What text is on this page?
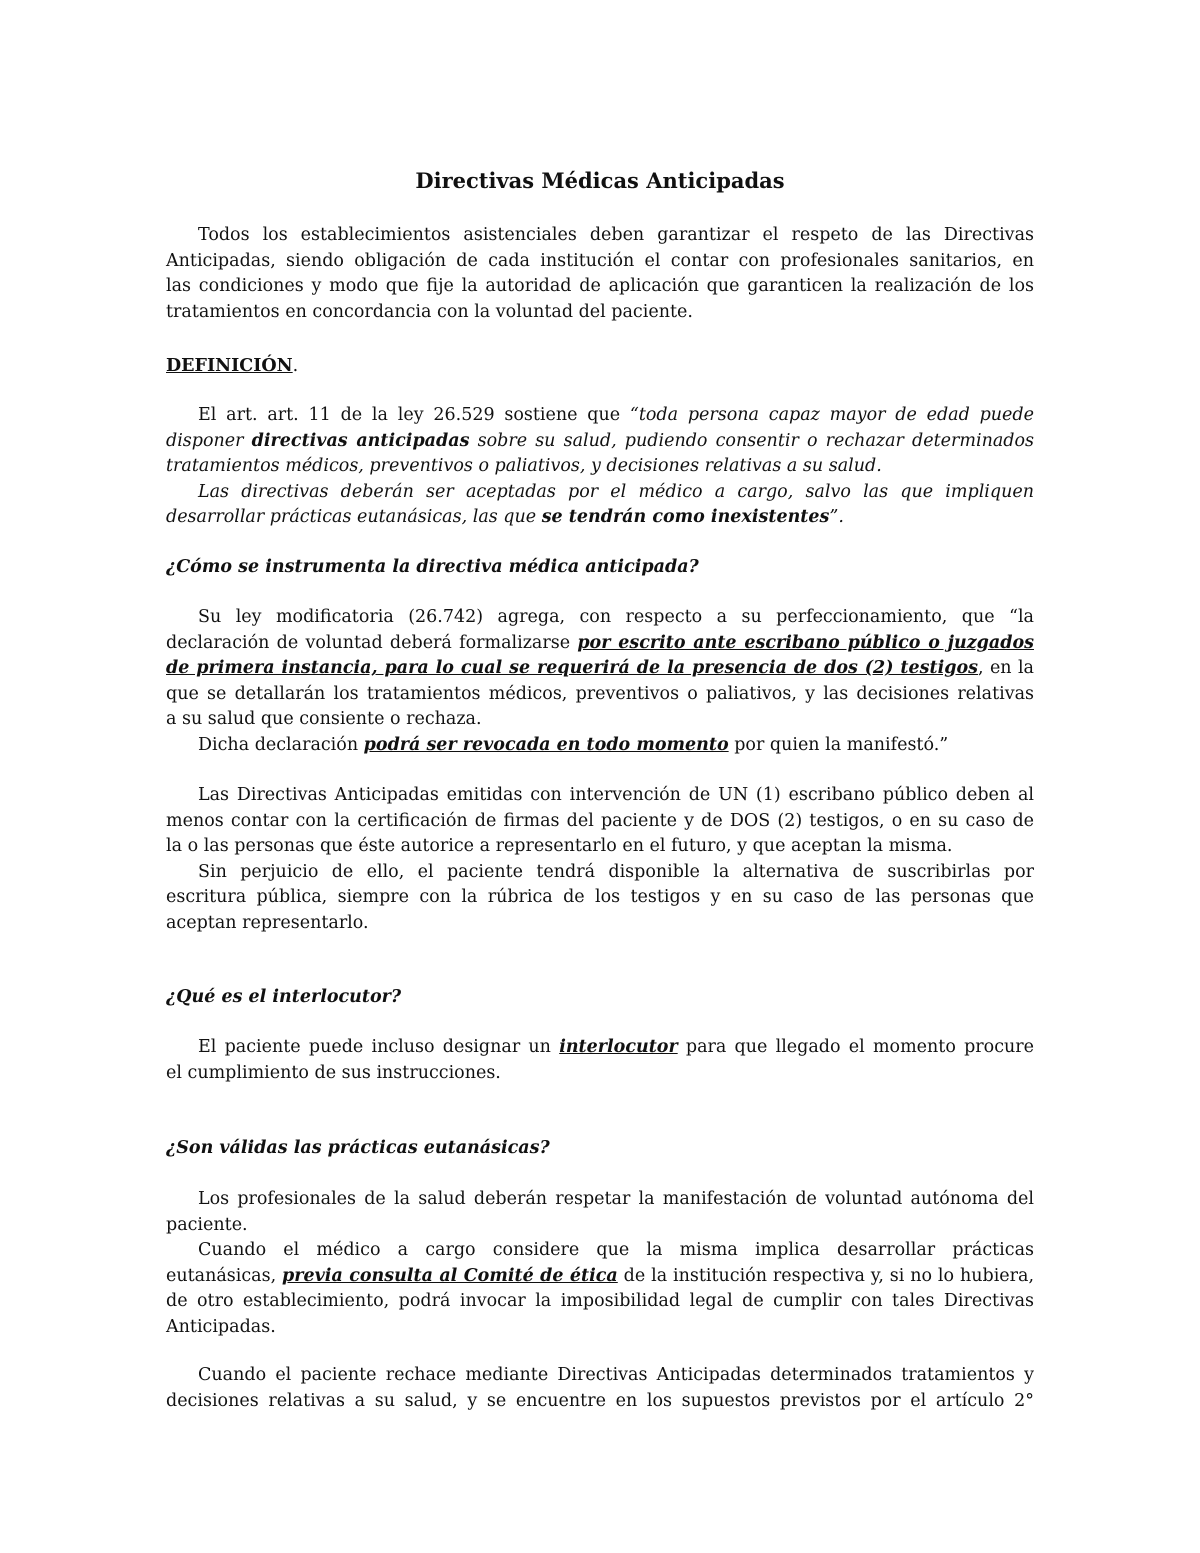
Directivas Médicas Anticipadas
Todos los establecimientos asistenciales deben garantizar el respeto de las Directivas
Anticipadas, siendo obligación de cada institución el contar con profesionales sanitarios, en
las condiciones y modo que fije la autoridad de aplicación que garanticen la realización de los
tratamientos en concordancia con la voluntad del paciente.
DEFINICIÓN.
El art. art. 11 de la ley 26.529 sostiene que “toda persona capaz mayor de edad puede
disponer directivas anticipadas sobre su salud, pudiendo consentir o rechazar determinados
tratamientos médicos, preventivos o paliativos, y decisiones relativas a su salud.
Las directivas deberán ser aceptadas por el médico a cargo, salvo las que impliquen
desarrollar prácticas eutanásicas, las que se tendrán como inexistentes”.
¿Cómo se instrumenta la directiva médica anticipada?
Su ley modificatoria (26.742) agrega, con respecto a su perfeccionamiento, que “la
declaración de voluntad deberá formalizarse por escrito ante escribano público o juzgados
de primera instancia, para lo cual se requerirá de la presencia de dos (2) testigos, en la
que se detallarán los tratamientos médicos, preventivos o paliativos, y las decisiones relativas
a su salud que consiente o rechaza.
Dicha declaración podrá ser revocada en todo momento por quien la manifestó.”
Las Directivas Anticipadas emitidas con intervención de UN (1) escribano público deben al
menos contar con la certificación de firmas del paciente y de DOS (2) testigos, o en su caso de
la o las personas que éste autorice a representarlo en el futuro, y que aceptan la misma.
Sin perjuicio de ello, el paciente tendrá disponible la alternativa de suscribirlas por
escritura pública, siempre con la rúbrica de los testigos y en su caso de las personas que
aceptan representarlo.
¿Qué es el interlocutor?
El paciente puede incluso designar un interlocutor para que llegado el momento procure
el cumplimiento de sus instrucciones.
¿Son válidas las prácticas eutanásicas?
Los profesionales de la salud deberán respetar la manifestación de voluntad autónoma del
paciente.
Cuando el médico a cargo considere que la misma implica desarrollar prácticas
eutanásicas, previa consulta al Comité de ética de la institución respectiva y, si no lo hubiera,
de otro establecimiento, podrá invocar la imposibilidad legal de cumplir con tales Directivas
Anticipadas.
Cuando el paciente rechace mediante Directivas Anticipadas determinados tratamientos y
decisiones relativas a su salud, y se encuentre en los supuestos previstos por el artículo 2°
